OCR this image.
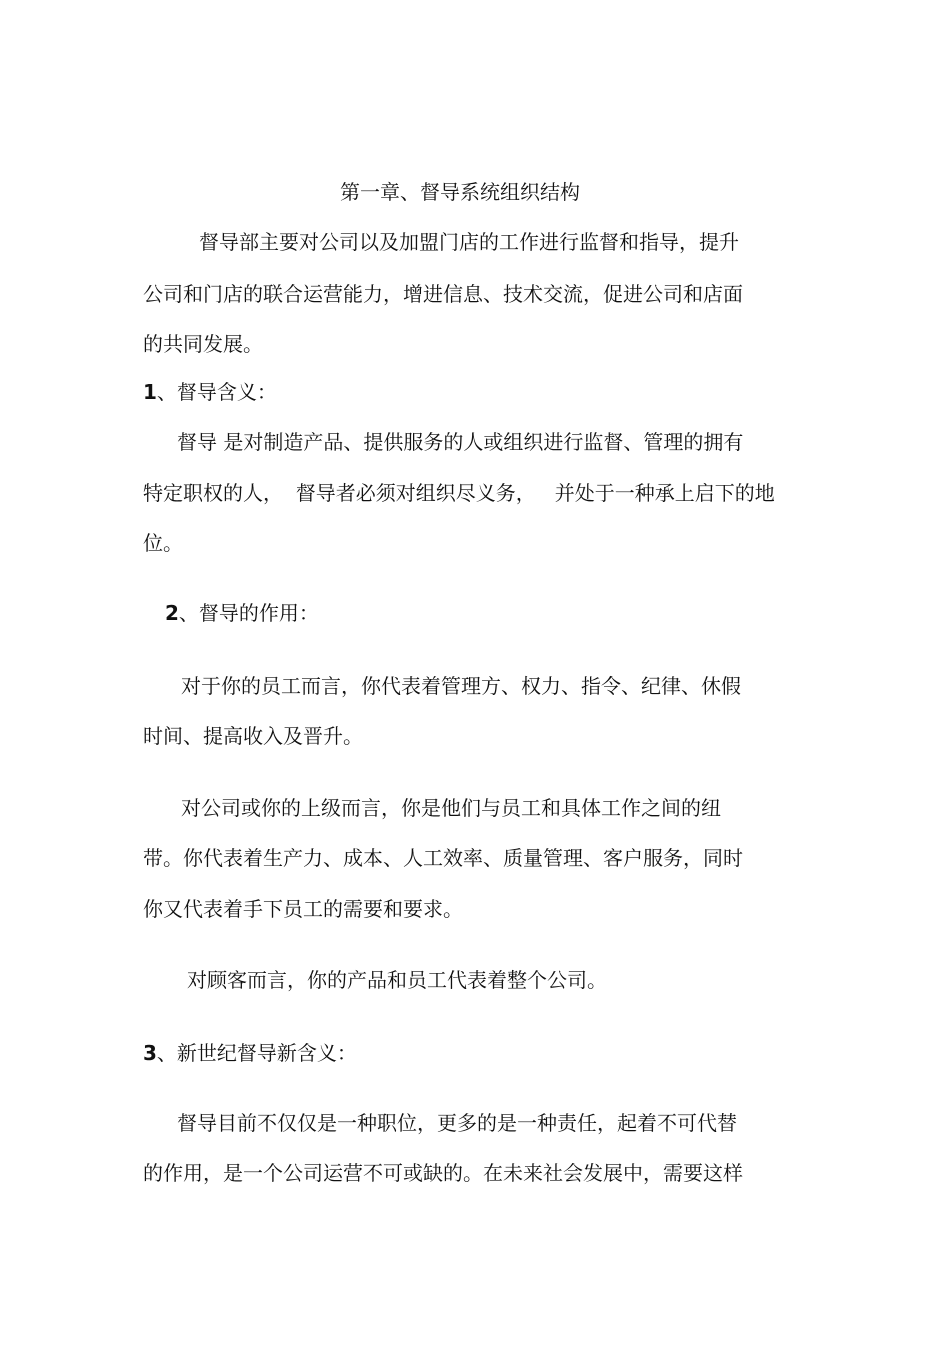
第一章、督导系统组织结构
督导部主要对公司以及加盟门店的工作进行监督和指导，提升
公司和门店的联合运营能力，增进信息、技术交流，促进公司和店面
的共同发展。
1、督导含义：
督导 是对制造产品、提供服务的人或组织进行监督、管理的拥有
特定职权的人，  督导者必须对组织尽义务，   并处于一种承上启下的地
位。
2、督导的作用：
对于你的员工而言，你代表着管理方、权力、指令、纪律、休假
时间、提高收入及晋升。
对公司或你的上级而言，你是他们与员工和具体工作之间的纽
带。你代表着生产力、成本、人工效率、质量管理、客户服务，同时
你又代表着手下员工的需要和要求。
对顾客而言，你的产品和员工代表着整个公司。
3、新世纪督导新含义：
督导目前不仅仅是一种职位，更多的是一种责任，起着不可代替
的作用，是一个公司运营不可或缺的。在未来社会发展中，需要这样
